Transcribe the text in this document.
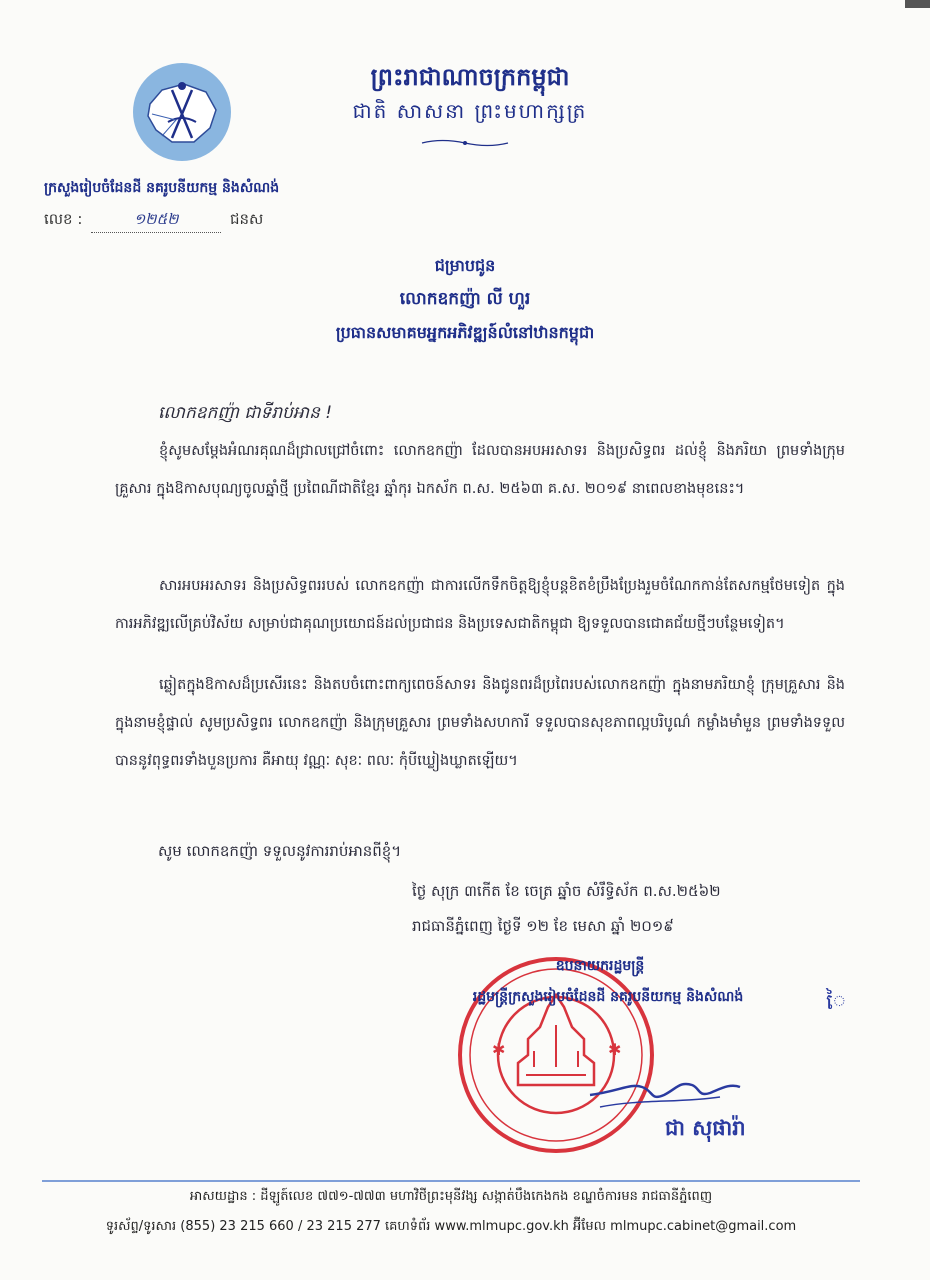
ព្រះរាជាណាចក្រកម្ពុជា
ជាតិ សាសនា ព្រះមហាក្សត្រ
ក្រសួងរៀបចំដែនដី នគរូបនីយកម្ម និងសំណង់
លេខ :	១២៥២	ជនស
ជម្រាបជូន
លោកឧកញ៉ា លី ហួរ
ប្រធានសមាគមអ្នកអភិវឌ្ឍន៍លំនៅឋានកម្ពុជា
លោកឧកញ៉ា ជាទីរាប់អាន !
ខ្ញុំសូមសម្តែងអំណរគុណដ៏ជ្រាលជ្រៅចំពោះ លោកឧកញ៉ា ដែលបានអបអរសាទរ និងប្រសិទ្ធពរ ដល់ខ្ញុំ និងភរិយា ព្រមទាំងក្រុមគ្រួសារ ក្នុងឱកាសបុណ្យចូលឆ្នាំថ្មី ប្រពៃណីជាតិខ្មែរ ឆ្នាំកុរ ឯកស័ក ព.ស. ២៥៦៣ គ.ស. ២០១៩ នាពេលខាងមុខនេះ។
សារអបអរសាទរ និងប្រសិទ្ធពររបស់ លោកឧកញ៉ា ជាការលើកទឹកចិត្តឱ្យខ្ញុំបន្តខិតខំប្រឹងប្រែងរួមចំណែកកាន់តែសកម្មថែមទៀត ក្នុងការអភិវឌ្ឍលើគ្រប់វិស័យ សម្រាប់ជាគុណប្រយោជន៍ដល់ប្រជាជន និងប្រទេសជាតិកម្ពុជា ឱ្យទទួលបានជោគជ័យថ្មីៗបន្ថែមទៀត។
ឆ្លៀតក្នុងឱកាសដ៏ប្រសើរនេះ និងតបចំពោះពាក្យពេចន៍សាទរ និងជូនពរដ៏ប្រពៃរបស់លោកឧកញ៉ា ក្នុងនាមភរិយាខ្ញុំ ក្រុមគ្រួសារ និងក្នុងនាមខ្ញុំផ្ទាល់ សូមប្រសិទ្ធពរ លោកឧកញ៉ា និងក្រុមគ្រួសារ ព្រមទាំងសហការី ទទួលបានសុខភាពល្អបរិបូណ៌ កម្លាំងមាំមួន ព្រមទាំងទទួលបាននូវពុទ្ធពរទាំងបួនប្រការ គឺអាយុ វណ្ណៈ សុខៈ ពលៈ កុំបីឃ្លៀងឃ្លាតឡើយ។
សូម លោកឧកញ៉ា ទទួលនូវការរាប់អានពីខ្ញុំ។
ថ្ងៃ សុក្រ ៣កើត ខែ ចេត្រ ឆ្នាំច សំរឹទ្ធិស័ក ព.ស.២៥៦២
រាជធានីភ្នំពេញ ថ្ងៃទី ១២ ខែ មេសា ឆ្នាំ ២០១៩
✱	✱
ឧបនាយករដ្ឋមន្ត្រី
រដ្ឋមន្ត្រីក្រសួងរៀបចំដែនដី នគរូបនីយកម្ម និងសំណង់	ៃ
ជា សុផារ៉ា
អាសយដ្ឋាន : ដីឡូត៍លេខ ៧៧១-៧៧៣ មហាវិថីព្រះមុនីវង្ស សង្កាត់បឹងកេងកង ខណ្ឌចំការមន រាជធានីភ្នំពេញ
ទូរស័ព្ទ/ទូរសារ (855) 23 215 660 / 23 215 277 គេហទំព័រ www.mlmupc.gov.kh អ៊ីមែល mlmupc.cabinet@gmail.com
